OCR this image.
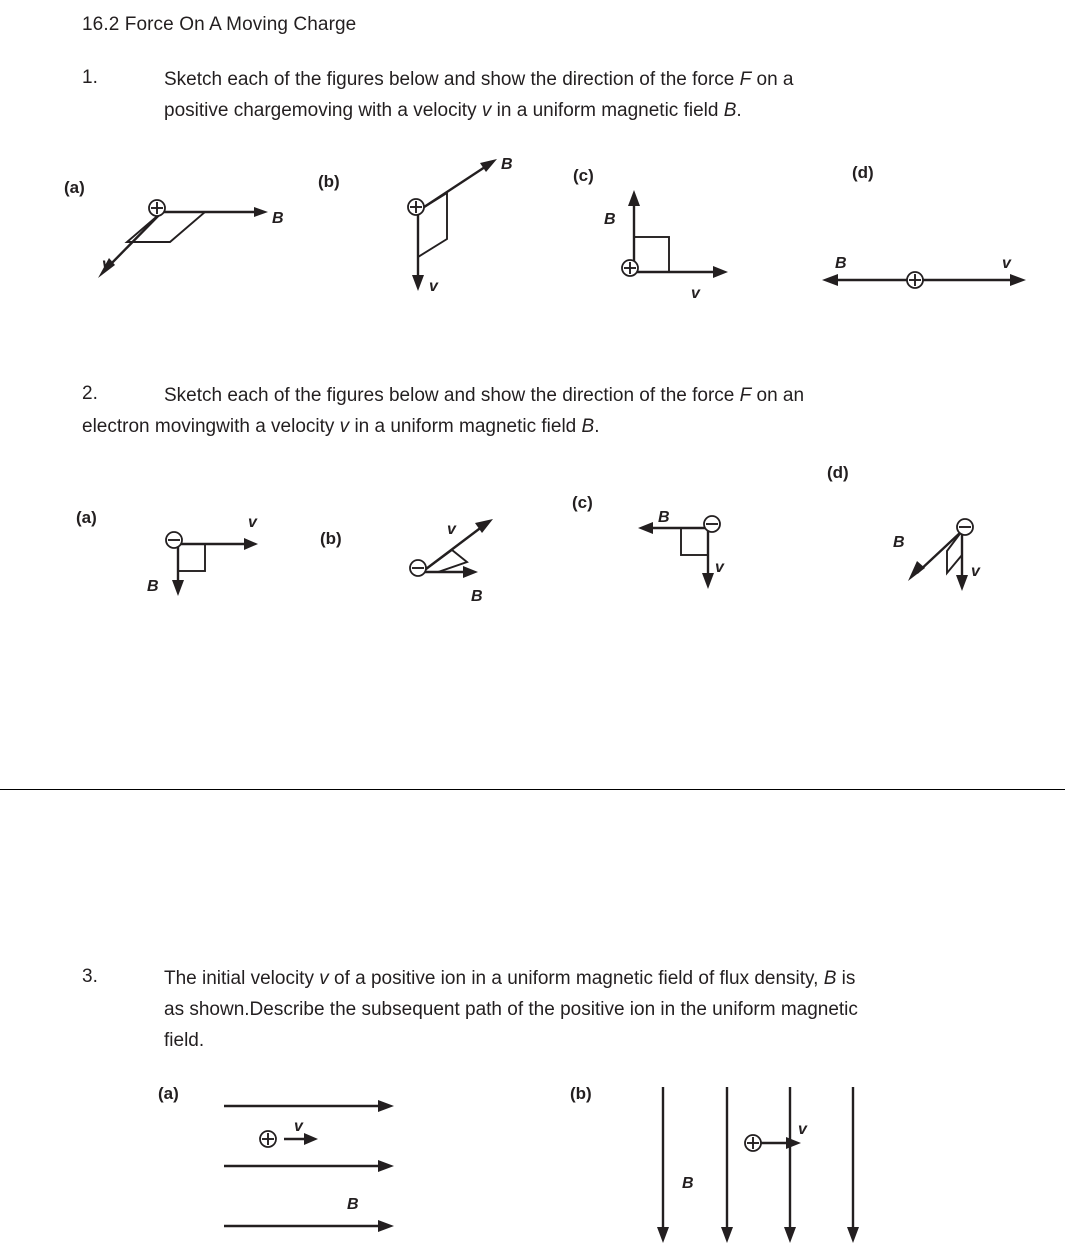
16.2 Force On A Moving Charge
1.	Sketch each of the figures below and show the direction of the force F on a
positive chargemoving with a velocity v in a uniform magnetic field B.
(a)
B
v
(b)
B
v
(c)
B
v
(d)
B	v
2.	Sketch each of the figures below and show the direction of the force F on an
electron movingwith a velocity v in a uniform magnetic field B.
(a)	v
B
(b)	v
B
(c)
B
v
(d)
B
v
3.	The initial velocity v of a positive ion in a uniform magnetic field of flux density, B is
as shown.Describe the subsequent path of the positive ion in the uniform magnetic
field.
(a)
v
B
(b)
v
B
